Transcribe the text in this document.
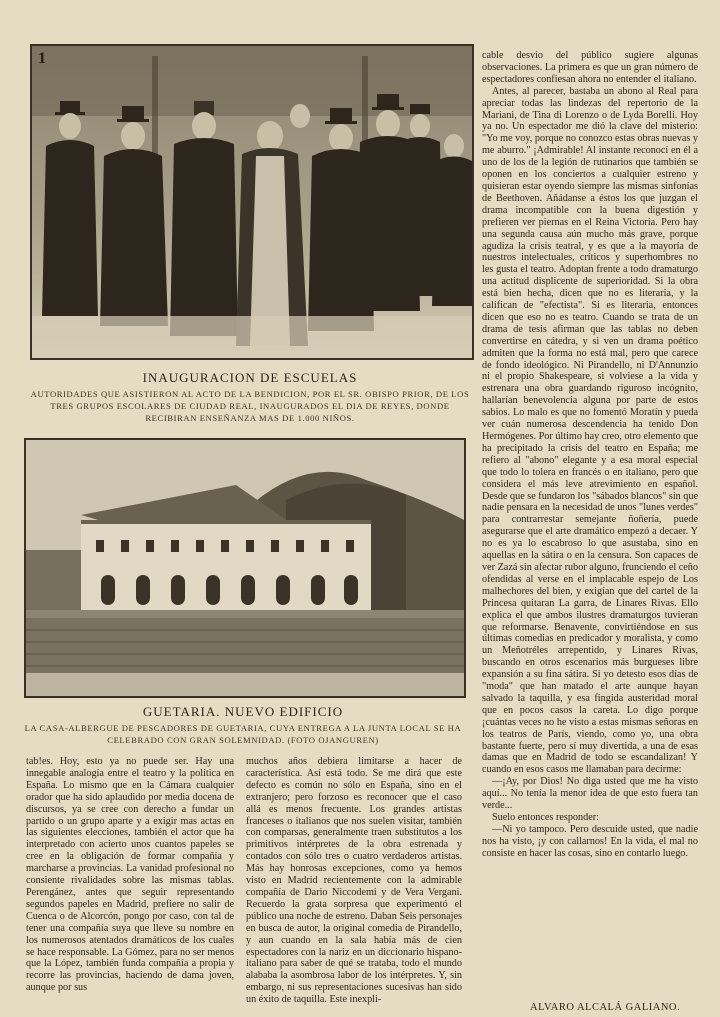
1
INAUGURACION DE ESCUELAS
AUTORIDADES QUE ASISTIERON AL ACTO DE LA BENDICION, POR EL SR. OBISPO PRIOR, DE LOS TRES GRUPOS ESCOLARES DE CIUDAD REAL, INAUGURADOS EL DIA DE REYES, DONDE RECIBIRAN ENSEÑANZA MAS DE 1.000 NIÑOS.
GUETARIA. NUEVO EDIFICIO
LA CASA-ALBERGUE DE PESCADORES DE GUETARIA, CUYA ENTREGA A LA JUNTA LOCAL SE HA CELEBRADO CON GRAN SOLEMNIDAD. (FOTO OJANGUREN)

cable desvío del público sugiere algunas observaciones. La primera es que un gran número de espectadores confiesan ahora no entender el italiano.

Antes, al parecer, bastaba un abono al Real para apreciar todas las lindezas del repertorio de la Mariani, de Tina di Lorenzo o de Lyda Borelli. Hoy ya no. Un espectador me dió la clave del misterio: "Yo me voy, porque no conozco estas obras nuevas y me aburro." ¡Admirable! Al instante reconocí en él a uno de los de la legión de rutinarios que también se oponen en los conciertos a cualquier estreno y quisieran estar oyendo siempre las mismas sinfonías de Beethoven. Añádanse a éstos los que juzgan el drama incompatible con la buena digestión y prefieren ver piernas en el Reina Victoria. Pero hay una segunda causa aún mucho más grave, porque agudiza la crisis teatral, y es que a la mayoría de nuestros intelectuales, críticos y superhombres no les gusta el teatro. Adoptan frente a todo dramaturgo una actitud displicente de superioridad. Si la obra está bien hecha, dicen que no es literaria, y la califican de "efectista". Si es literaria, entonces dicen que eso no es teatro. Cuando se trata de un drama de tesis afirman que las tablas no deben convertirse en cátedra, y si ven un drama poético admiten que la forma no está mal, pero que carece de fondo ideológico. Ni Pirandello, ni D'Annunzio ni el propio Shakespeare, si volviese a la vida y estrenara una obra guardando riguroso incógnito, hallarían benevolencia alguna por parte de estos sabios. Lo malo es que no fomentó Moratín y pueda ver cuán numerosa descendencia ha tenido Don Hermógenes. Por último hay creo, otro elemento que ha precipitado la crisis del teatro en España; me refiero al "abono" elegante y a esa moral especial que todo lo tolera en francés o en italiano, pero que considera el más leve atrevimiento en español. Desde que se fundaron los "sábados blancos" sin que nadie pensara en la necesidad de unos "lunes verdes" para contrarrestar semejante ñoñería, puede asegurarse que el arte dramático empezó a decaer. Y no es ya lo escabroso lo que asustaba, sino en aquellas en la sátira o en la censura. Son capaces de ver Zazá sin afectar rubor alguno, frunciendo el ceño ofendidas al verse en el implacable espejo de Los malhechores del bien, y exigían que del cartel de la Princesa quitaran La garra, de Linares Rivas. Ello explica el que ambos ilustres dramaturgos tuvieran que reformarse. Benavente, convirtiéndose en sus últimas comedias en predicador y moralista, y como un Meñotréles arrepentido, y Linares Rivas, buscando en otros escenarios más burgueses libre expansión a su fina sátira. Si yo detesto esos días de "moda" que han matado el arte aunque hayan salvado la taquilla, y esa fingida austeridad moral que en pocos casos la careta. Lo digo porque ¡cuántas veces no he visto a estas mismas señoras en los teatros de París, viendo, como yo, una obra bastante fuerte, pero sí muy divertida, a una de esas damas que en Madrid de todo se escandalizan! Y cuando en esos casos me llamaban para decirme:

—¡Ay, por Dios! No diga usted que me ha visto aquí... No tenía la menor idea de que esto fuera tan verde...

Suelo entonces responder:

—Ni yo tampoco. Pero descuide usted, que nadie nos ha visto, ¡y con callarnos! En la vida, el mal no consiste en hacer las cosas, sino en contarlo luego.

ALVARO ALCALÁ GALIANO.

tab!es. Hoy, esto ya no puede ser. Hay una innegable analogía entre el teatro y la política en España. Lo mismo que en la Cámara cualquier orador que ha sido aplaudido por media docena de discursos, ya se cree con derecho a fundar un partido o un grupo aparte y a exigir mas actas en las siguientes elecciones, también el actor que ha interpretado con acierto unos cuantos papeles se cree en la obligación de formar compañía y marcharse a provincias. La vanidad profesional no consiente rivalidades sobre las mismas tablas. Perengánez, antes que seguir representando segundos papeles en Madrid, prefiere no salir de Cuenca o de Alcorcón, pongo por caso, con tal de tener una compañía suya que lleve su nombre en los numerosos atentados dramáticos de los cuales se hace responsable. La Gómez, para no ser menos que la López, también funda compañía a propia y recorre las provincias, haciendo de dama joven, aunque por sus

muchos años debiera limitarse a hacer de característica. Así está todo. Se me dirá que este defecto es común no sólo en España, sino en el extranjero; pero forzoso es reconocer que el caso allá es menos frecuente. Los grandes artistas franceses o italianos que nos suelen visitar, también con comparsas, generalmente traen substitutos a los primitivos intérpretes de la obra estrenada y contados con sólo tres o cuatro verdaderos artistas. Más hay honrosas excepciones, como ya hemos visto en Madrid recientemente con la admirable compañía de Dario Niccodemi y de Vera Vergani. Recuerdo la grata sorpresa que experimentó el público una noche de estreno. Daban Seis personajes en busca de autor, la original comedia de Pirandello, y aun cuando en la sala había más de cien espectadores con la nariz en un diccionario hispano-italiano para saber de qué se trataba, todo el mundo alababa la asombrosa labor de los intérpretes. Y, sin embargo, ni sus representaciones sucesivas han sido un éxito de taquilla. Este inexpli-
